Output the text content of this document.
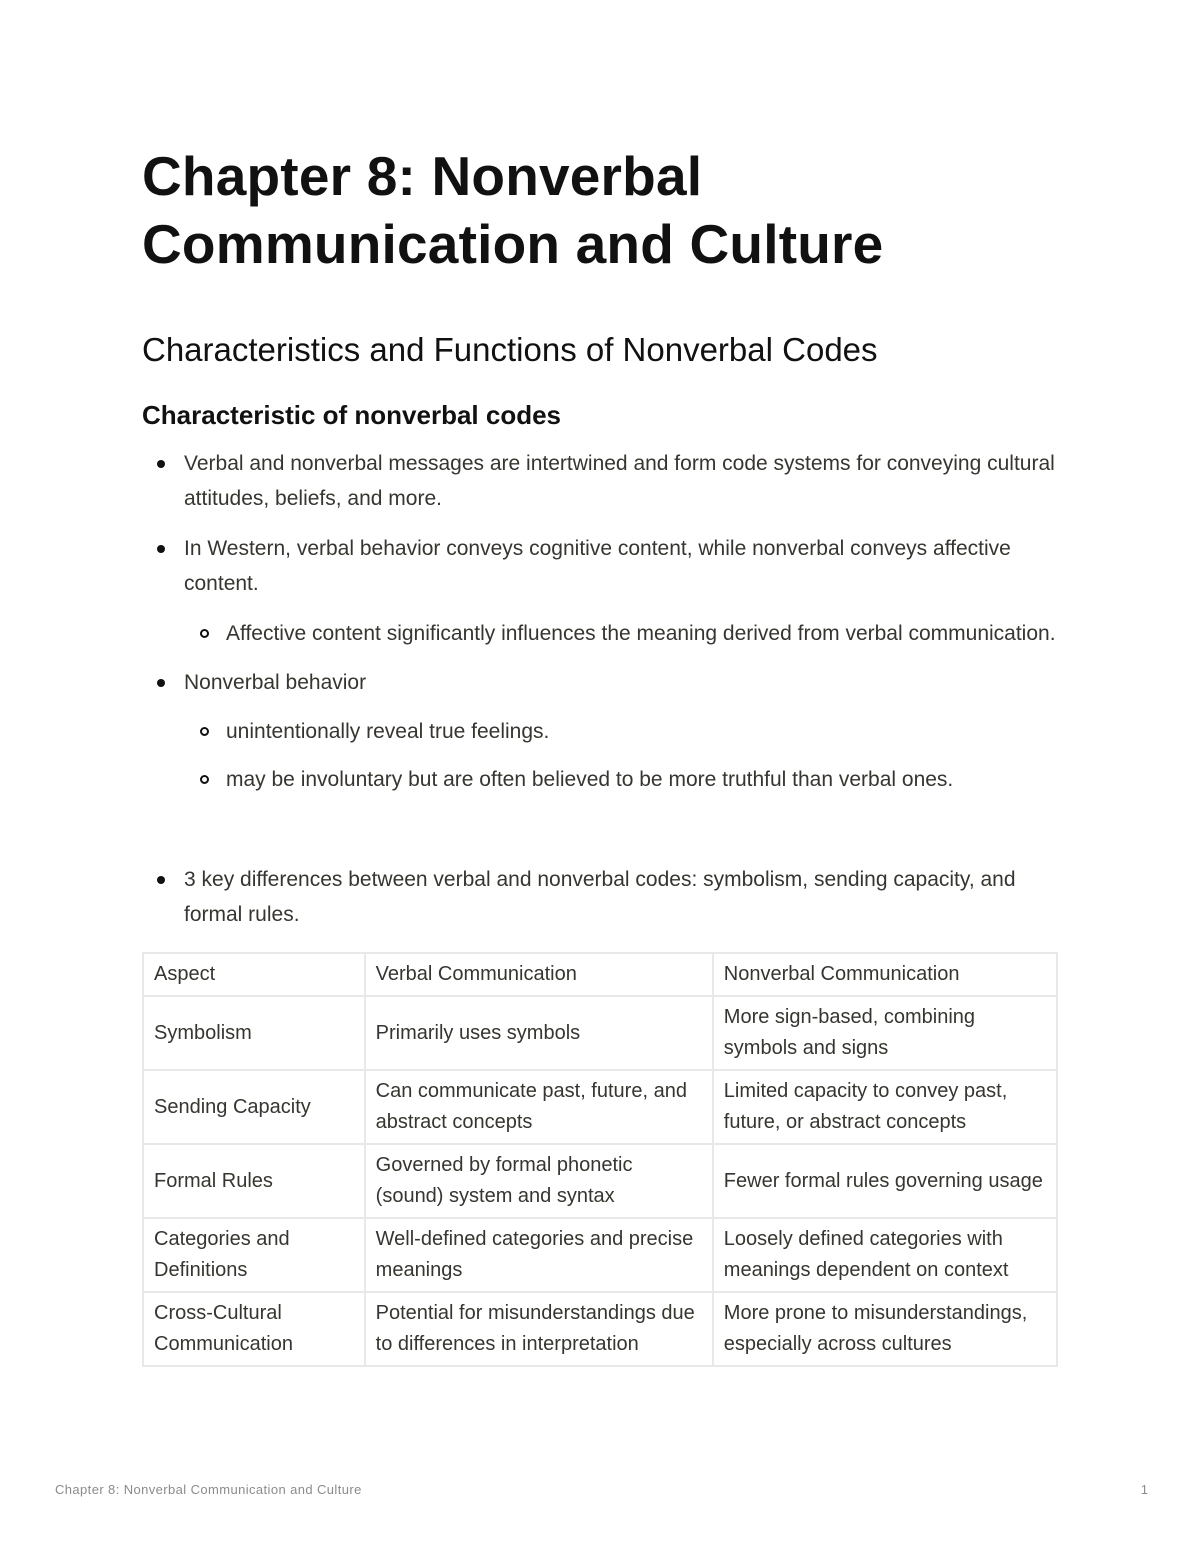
Chapter 8: Nonverbal Communication and Culture
Characteristics and Functions of Nonverbal Codes
Characteristic of nonverbal codes
Verbal and nonverbal messages are intertwined and form code systems for conveying cultural attitudes, beliefs, and more.
In Western, verbal behavior conveys cognitive content, while nonverbal conveys affective content.
Affective content significantly influences the meaning derived from verbal communication.
Nonverbal behavior
unintentionally reveal true feelings.
may be involuntary but are often believed to be more truthful than verbal ones.
3 key differences between verbal and nonverbal codes: symbolism, sending capacity, and formal rules.
Aspect	Verbal Communication	Nonverbal Communication
Symbolism	Primarily uses symbols	More sign-based, combining symbols and signs
Sending Capacity	Can communicate past, future, and abstract concepts	Limited capacity to convey past, future, or abstract concepts
Formal Rules	Governed by formal phonetic (sound) system and syntax	Fewer formal rules governing usage
Categories and Definitions	Well-defined categories and precise meanings	Loosely defined categories with meanings dependent on context
Cross-Cultural Communication	Potential for misunderstandings due to differences in interpretation	More prone to misunderstandings, especially across cultures
Chapter 8: Nonverbal Communication and Culture	1
